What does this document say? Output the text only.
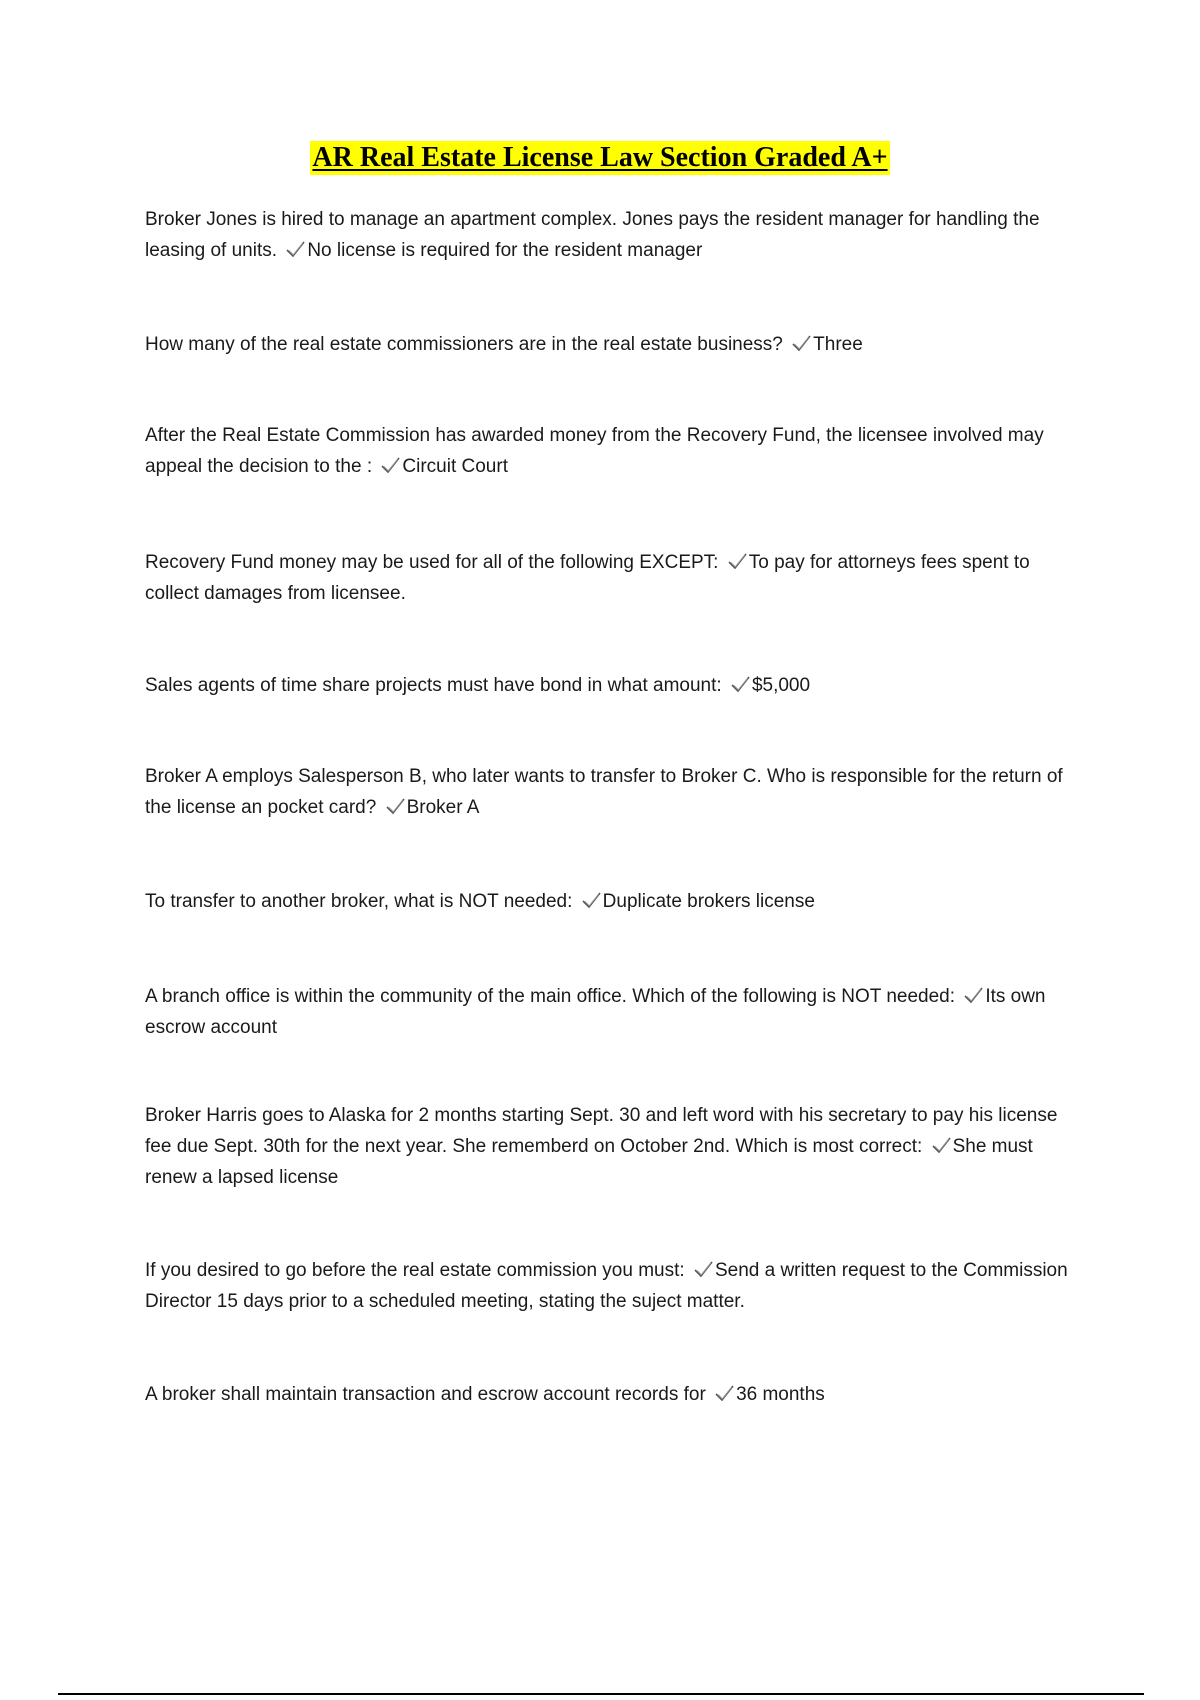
AR Real Estate License Law Section Graded A+

Broker Jones is hired to manage an apartment complex. Jones pays the resident manager for handling the leasing of units. No license is required for the resident manager

How many of the real estate commissioners are in the real estate business? Three

After the Real Estate Commission has awarded money from the Recovery Fund, the licensee involved may appeal the decision to the : Circuit Court

Recovery Fund money may be used for all of the following EXCEPT: To pay for attorneys fees spent to collect damages from licensee.

Sales agents of time share projects must have bond in what amount: $5,000

Broker A employs Salesperson B, who later wants to transfer to Broker C. Who is responsible for the return of the license an pocket card? Broker A

To transfer to another broker, what is NOT needed: Duplicate brokers license

A branch office is within the community of the main office. Which of the following is NOT needed: Its own escrow account

Broker Harris goes to Alaska for 2 months starting Sept. 30 and left word with his secretary to pay his license fee due Sept. 30th for the next year. She rememberd on October 2nd. Which is most correct: She must renew a lapsed license

If you desired to go before the real estate commission you must: Send a written request to the Commission Director 15 days prior to a scheduled meeting, stating the suject matter.

A broker shall maintain transaction and escrow account records for 36 months
